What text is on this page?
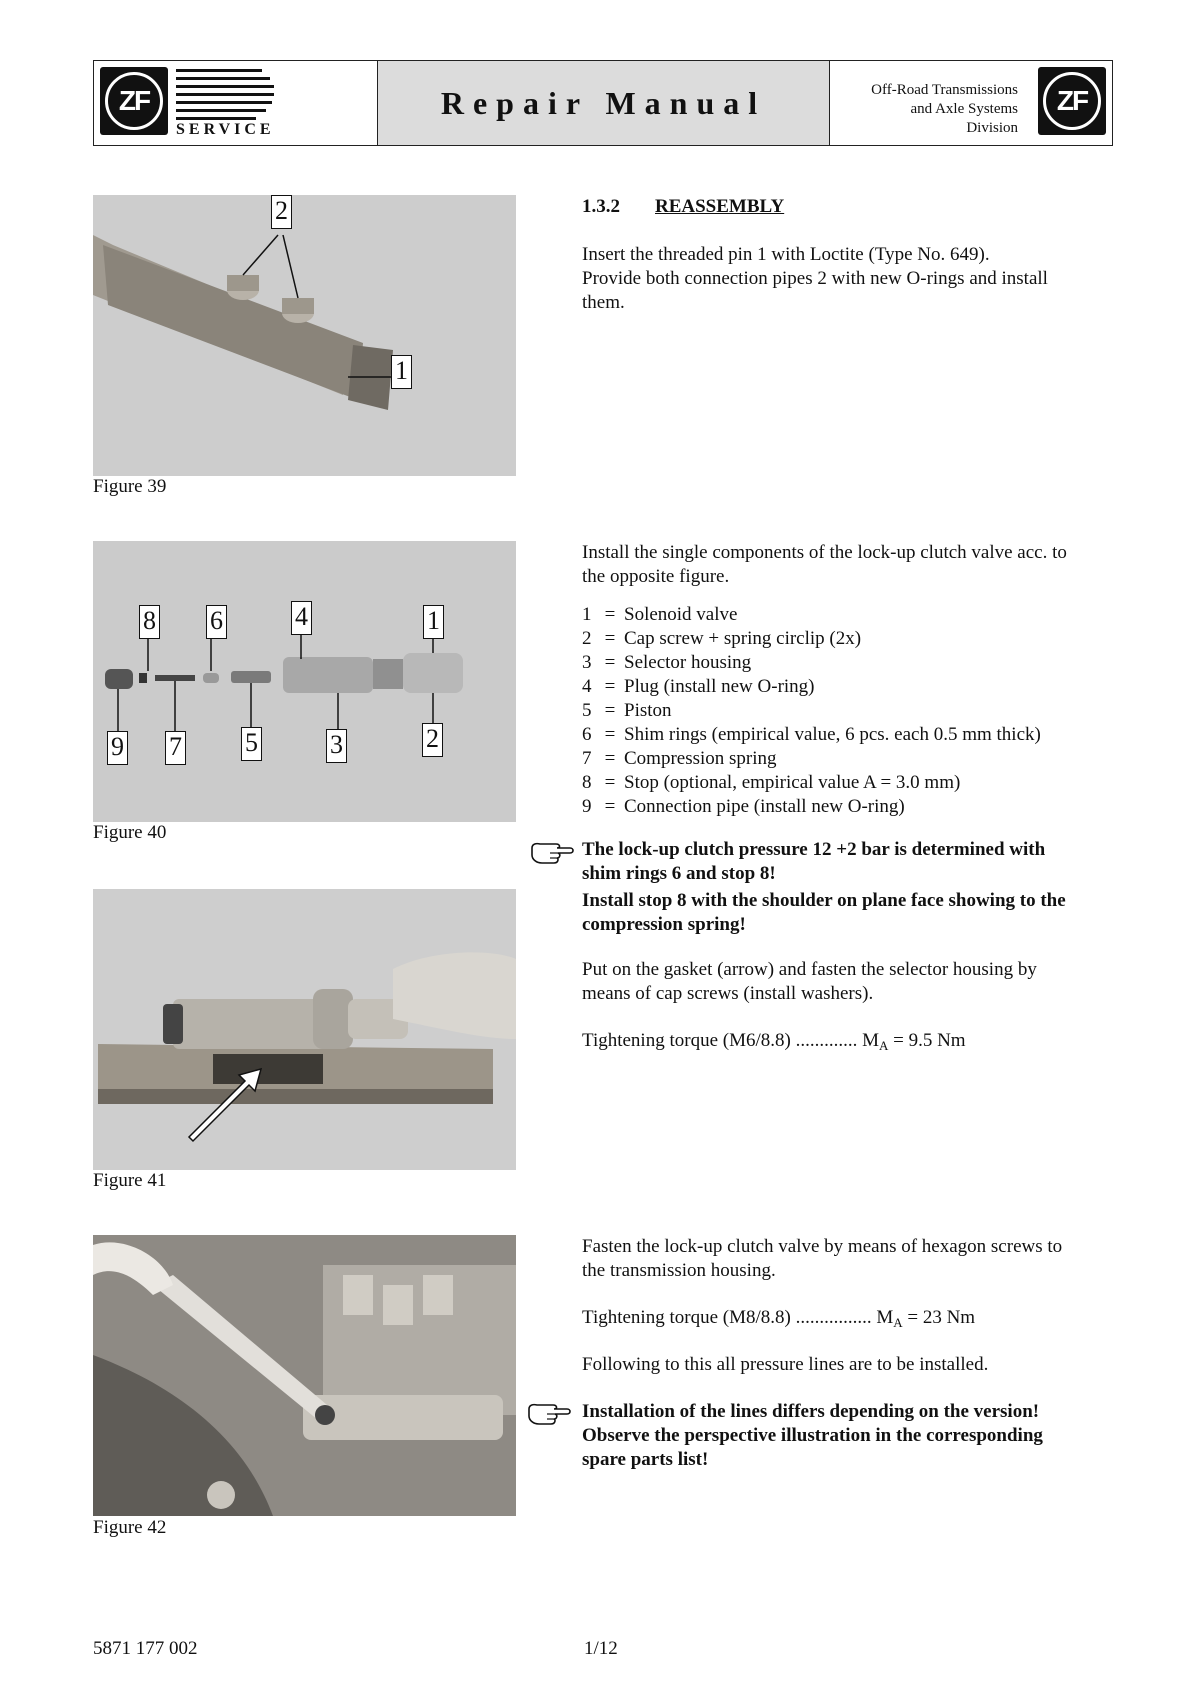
ZF
SERVICE
Repair Manual	Off-Road Transmissions
and Axle Systems
Division
ZF
2
1
Figure 39
1.3.2 REASSEMBLY
Insert the threaded pin 1 with Loctite (Type No. 649).
Provide both connection pipes 2 with new O-rings and install
them.
8 6	4	1
9 7 5	3	2
Figure 40
Install the single components of the lock-up clutch valve acc. to
the opposite figure.
1 = Solenoid valve
2 = Cap screw + spring circlip (2x)
3 = Selector housing
4 = Plug (install new O-ring)
5 = Piston
6 = Shim rings (empirical value, 6 pcs. each 0.5 mm thick)
7 = Compression spring
8 = Stop (optional, empirical value A = 3.0 mm)
9 = Connection pipe (install new O-ring)
The lock-up clutch pressure 12 +2 bar is determined with
shim rings 6 and stop 8!
Install stop 8 with the shoulder on plane face showing to the
compression spring!
Figure 41
Put on the gasket (arrow) and fasten the selector housing by
means of cap screws (install washers).
Tightening torque (M6/8.8) ............. $M_A = 9.5$ Nm
Figure 42
Fasten the lock-up clutch valve by means of hexagon screws to
the transmission housing.
Tightening torque (M8/8.8) ................ $M_A = 23$ Nm
Following to this all pressure lines are to be installed.
Installation of the lines differs depending on the version!
Observe the perspective illustration in the corresponding
spare parts list!
5871 177 002	1/12
